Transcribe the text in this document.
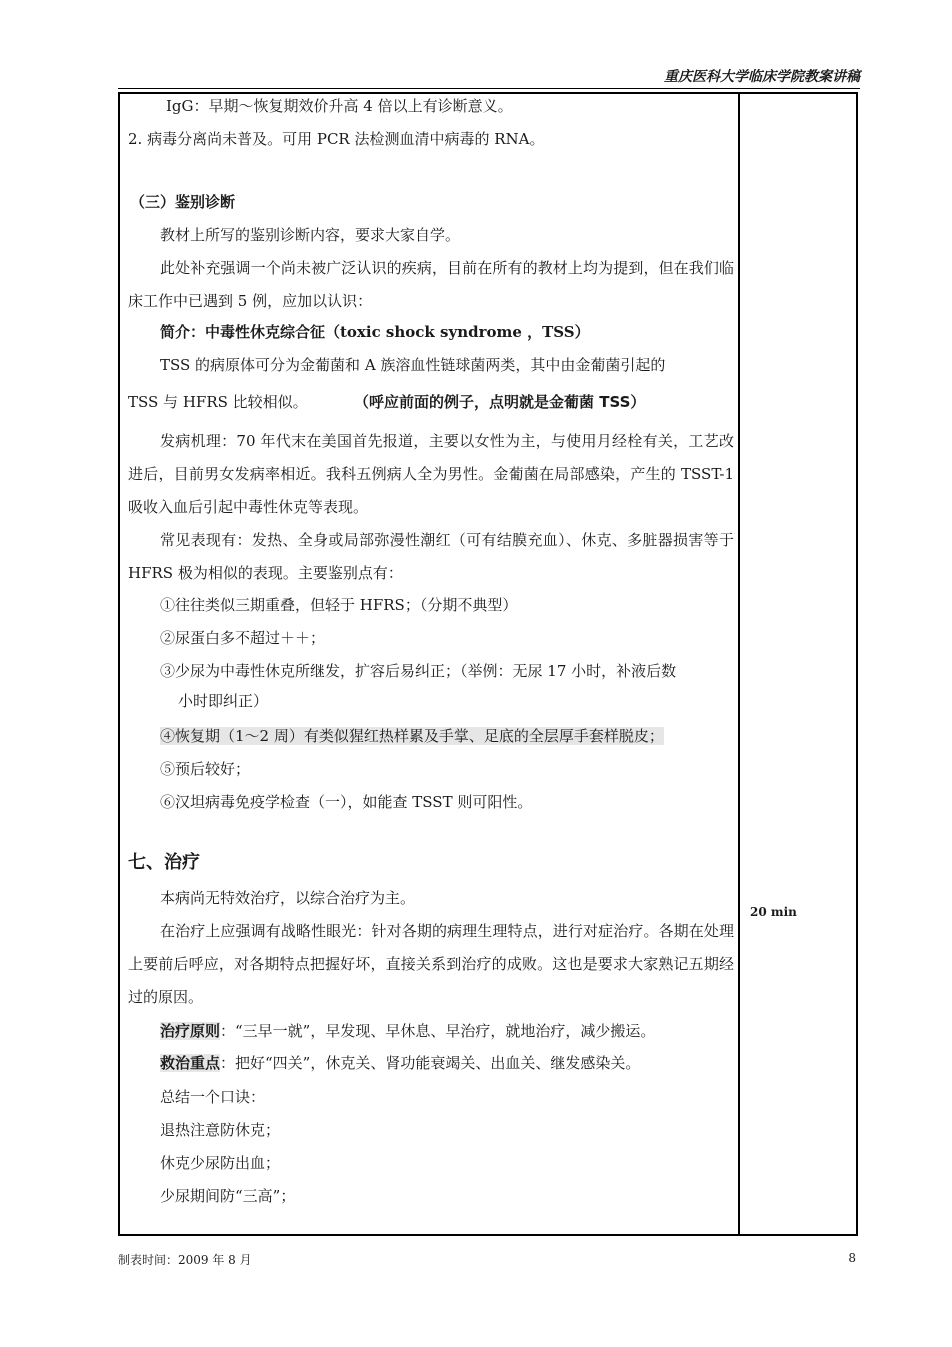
重庆医科大学临床学院教案讲稿
IgG：早期～恢复期效价升高 4 倍以上有诊断意义。
2. 病毒分离尚未普及。可用 PCR 法检测血清中病毒的 RNA。
（三）鉴别诊断
教材上所写的鉴别诊断内容，要求大家自学。
此处补充强调一个尚未被广泛认识的疾病，目前在所有的教材上均为提到，但在我们临床工作中已遇到 5 例，应加以认识：
简介：中毒性休克综合征（toxic shock syndrome ，TSS）
TSS 的病原体可分为金葡菌和 A 族溶血性链球菌两类，其中由金葡菌引起的
TSS 与 HFRS 比较相似。	（呼应前面的例子，点明就是金葡菌 TSS）
发病机理：70 年代末在美国首先报道，主要以女性为主，与使用月经栓有关，工艺改进后，目前男女发病率相近。我科五例病人全为男性。金葡菌在局部感染，产生的 TSST-1 吸收入血后引起中毒性休克等表现。
常见表现有：发热、全身或局部弥漫性潮红（可有结膜充血）、休克、多脏器损害等于 HFRS 极为相似的表现。主要鉴别点有：
①往往类似三期重叠，但轻于 HFRS；（分期不典型）
②尿蛋白多不超过＋＋；
③少尿为中毒性休克所继发，扩容后易纠正；（举例：无尿 17 小时，补液后数
小时即纠正）
④恢复期（1～2 周）有类似猩红热样累及手掌、足底的全层厚手套样脱皮；
⑤预后较好；
⑥汉坦病毒免疫学检查（一），如能查 TSST 则可阳性。
七、治疗
本病尚无特效治疗，以综合治疗为主。
在治疗上应强调有战略性眼光：针对各期的病理生理特点，进行对症治疗。各期在处理上要前后呼应，对各期特点把握好坏，直接关系到治疗的成败。这也是要求大家熟记五期经过的原因。
治疗原则：“三早一就”，早发现、早休息、早治疗，就地治疗，减少搬运。
救治重点：把好“四关”，休克关、肾功能衰竭关、出血关、继发感染关。
总结一个口诀：
退热注意防休克；
休克少尿防出血；
少尿期间防“三高”；
20 min
制表时间：2009 年 8 月	8
